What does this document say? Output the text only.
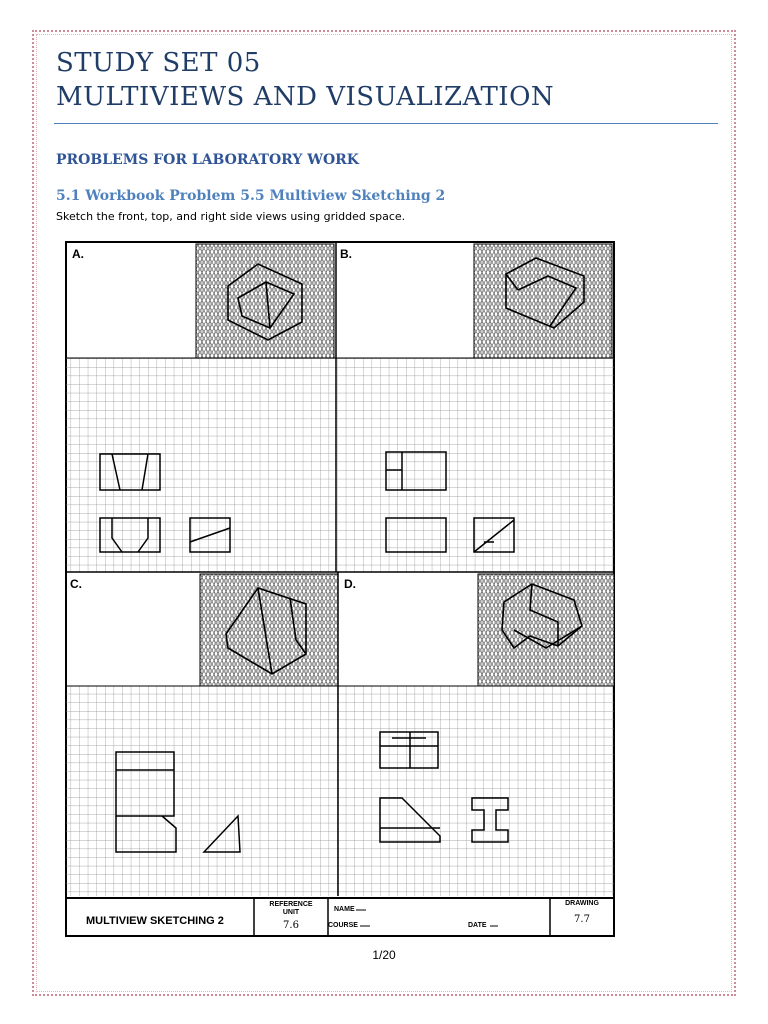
STUDY SET 05
MULTIVIEWS AND VISUALIZATION
PROBLEMS FOR LABORATORY WORK
5.1 Workbook Problem 5.5 Multiview Sketching 2

Sketch the front, top, and right side views using gridded space.

A.	B.
C.	D.
MULTIVIEW SKETCHING 2
REFERENCE
UNIT
7.6
NAME
COURSE	DATE
DRAWING
7.7
1/20
